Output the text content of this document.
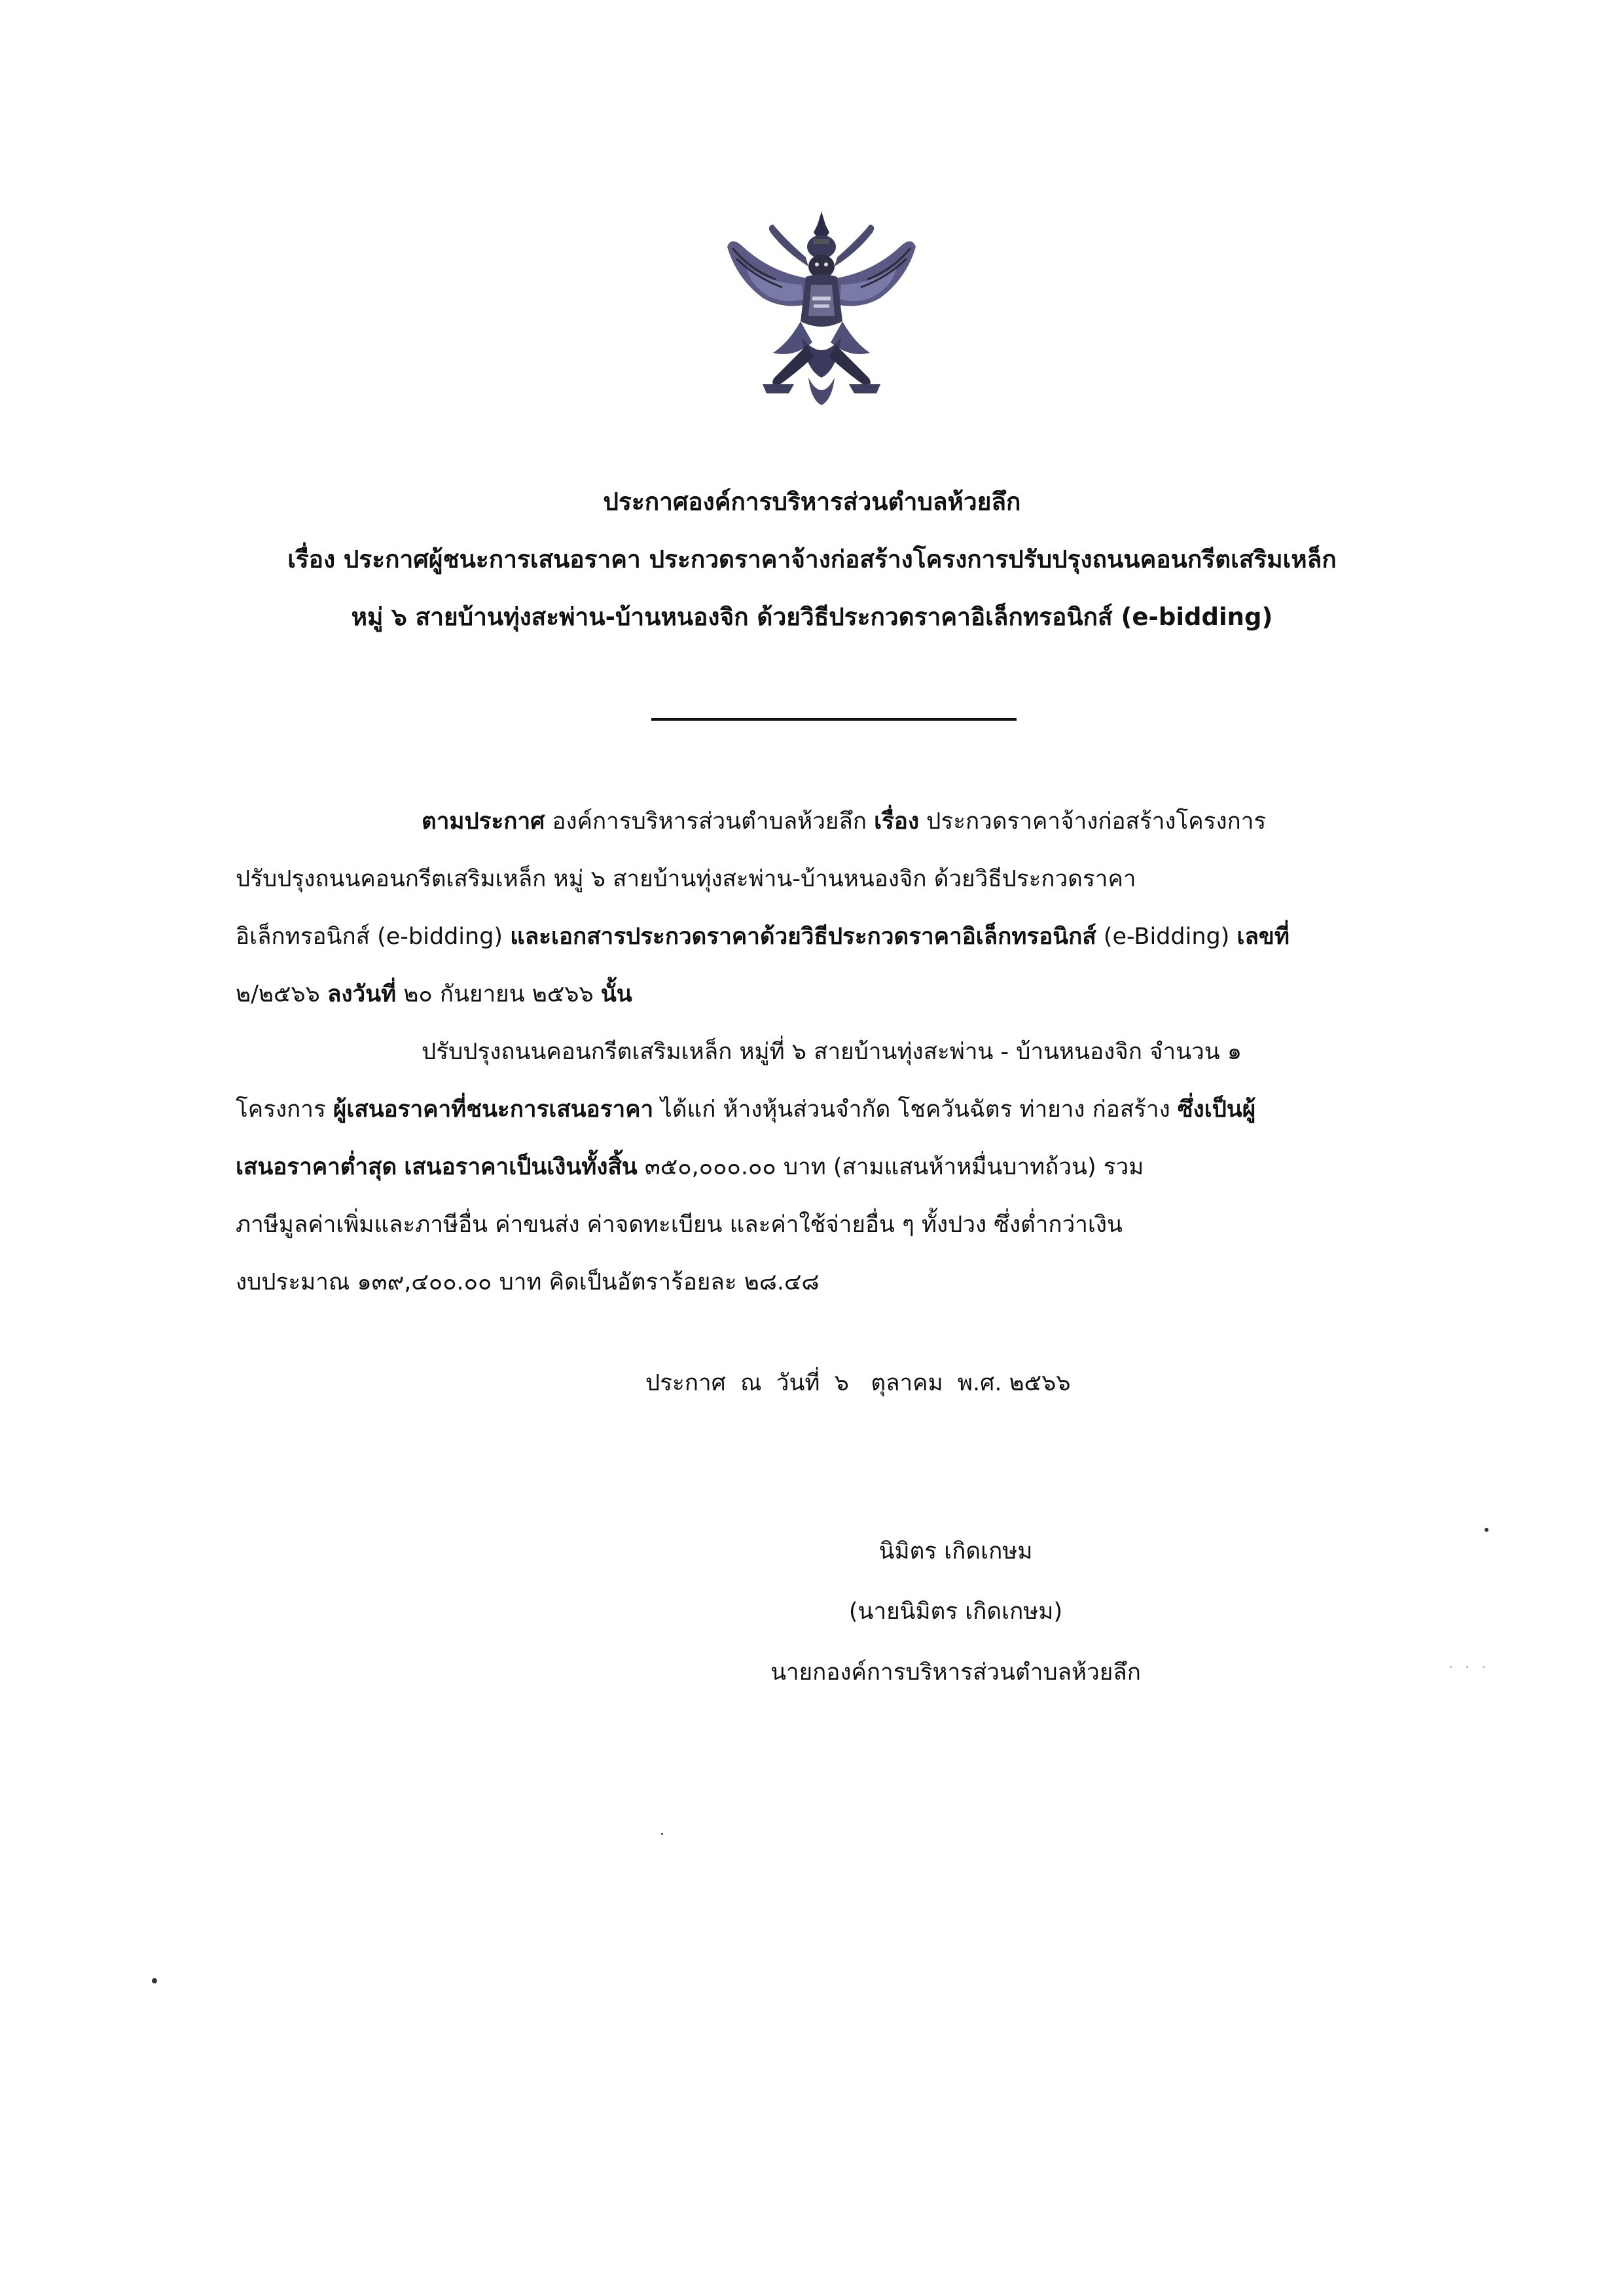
ประกาศองค์การบริหารส่วนตำบลห้วยลึก
เรื่อง ประกาศผู้ชนะการเสนอราคา ประกวดราคาจ้างก่อสร้างโครงการปรับปรุงถนนคอนกรีตเสริมเหล็ก
หมู่ ๖ สายบ้านทุ่งสะพ่าน-บ้านหนองจิก ด้วยวิธีประกวดราคาอิเล็กทรอนิกส์ (e-bidding)
ตามประกาศ องค์การบริหารส่วนตำบลห้วยลึก เรื่อง ประกวดราคาจ้างก่อสร้างโครงการ
ปรับปรุงถนนคอนกรีตเสริมเหล็ก หมู่ ๖ สายบ้านทุ่งสะพ่าน-บ้านหนองจิก ด้วยวิธีประกวดราคา
อิเล็กทรอนิกส์ (e-bidding) และเอกสารประกวดราคาด้วยวิธีประกวดราคาอิเล็กทรอนิกส์ (e-Bidding) เลขที่
๒/๒๕๖๖ ลงวันที่ ๒๐ กันยายน ๒๕๖๖ นั้น
ปรับปรุงถนนคอนกรีตเสริมเหล็ก หมู่ที่ ๖ สายบ้านทุ่งสะพ่าน - บ้านหนองจิก จำนวน ๑
โครงการ ผู้เสนอราคาที่ชนะการเสนอราคา ได้แก่ ห้างหุ้นส่วนจำกัด โชควันฉัตร ท่ายาง ก่อสร้าง ซึ่งเป็นผู้
เสนอราคาต่ำสุด เสนอราคาเป็นเงินทั้งสิ้น ๓๕๐,๐๐๐.๐๐ บาท (สามแสนห้าหมื่นบาทถ้วน) รวม
ภาษีมูลค่าเพิ่มและภาษีอื่น ค่าขนส่ง ค่าจดทะเบียน และค่าใช้จ่ายอื่น ๆ ทั้งปวง ซึ่งต่ำกว่าเงิน
งบประมาณ ๑๓๙,๔๐๐.๐๐ บาท คิดเป็นอัตราร้อยละ ๒๘.๔๘
ประกาศ  ณ  วันที่  ๖   ตุลาคม  พ.ศ. ๒๕๖๖
นิมิตร เกิดเกษม
(นายนิมิตร เกิดเกษม)
นายกองค์การบริหารส่วนตำบลห้วยลึก
